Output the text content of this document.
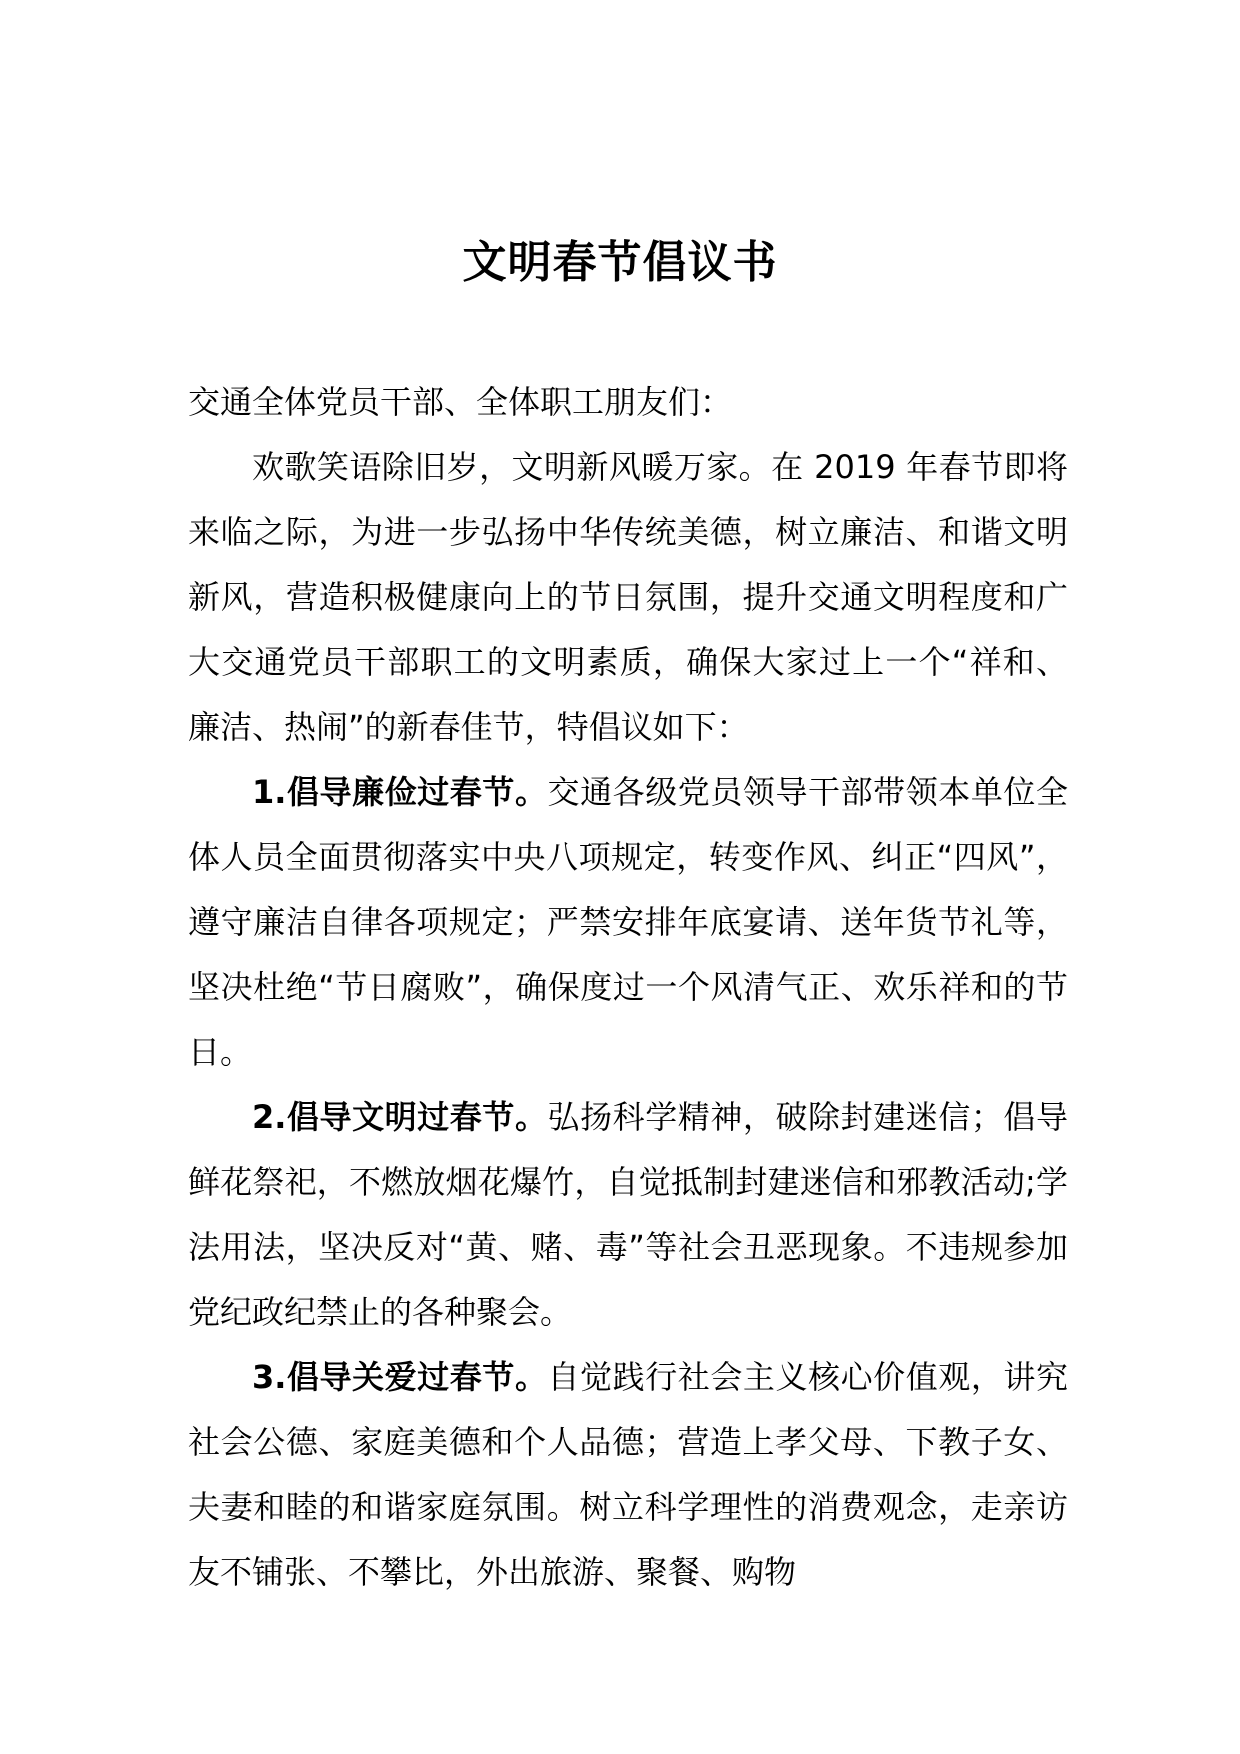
文明春节倡议书

交通全体党员干部、全体职工朋友们：

欢歌笑语除旧岁，文明新风暖万家。在 2019 年春节即将来临之际，为进一步弘扬中华传统美德，树立廉洁、和谐文明新风，营造积极健康向上的节日氛围，提升交通文明程度和广大交通党员干部职工的文明素质，确保大家过上一个“祥和、廉洁、热闹”的新春佳节，特倡议如下：

1.倡导廉俭过春节。交通各级党员领导干部带领本单位全体人员全面贯彻落实中央八项规定，转变作风、纠正“四风”，遵守廉洁自律各项规定；严禁安排年底宴请、送年货节礼等，坚决杜绝“节日腐败”，确保度过一个风清气正、欢乐祥和的节日。

2.倡导文明过春节。弘扬科学精神，破除封建迷信；倡导鲜花祭祀，不燃放烟花爆竹，自觉抵制封建迷信和邪教活动;学法用法，坚决反对“黄、赌、毒”等社会丑恶现象。不违规参加党纪政纪禁止的各种聚会。

3.倡导关爱过春节。自觉践行社会主义核心价值观，讲究社会公德、家庭美德和个人品德；营造上孝父母、下教子女、夫妻和睦的和谐家庭氛围。树立科学理性的消费观念，走亲访友不铺张、不攀比，外出旅游、聚餐、购物
